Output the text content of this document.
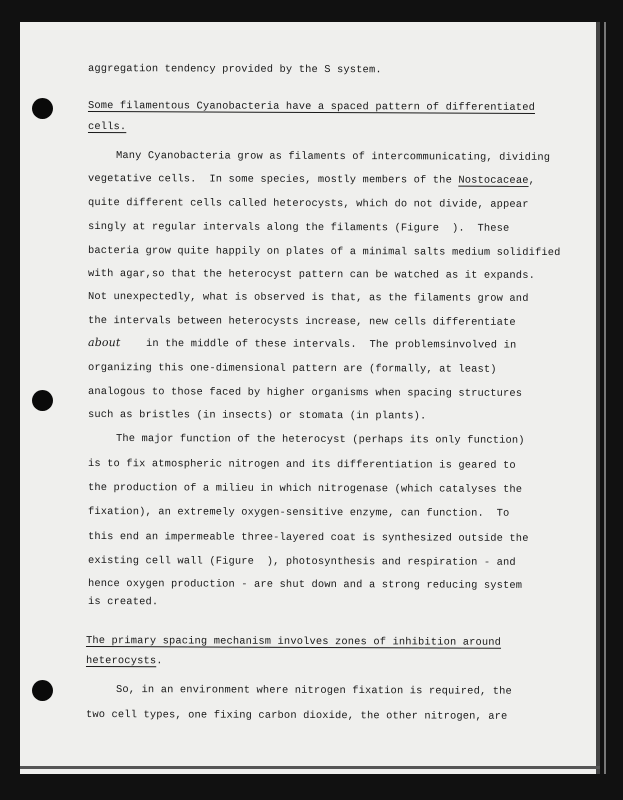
aggregation tendency provided by the S system.
Some filamentous Cyanobacteria have a spaced pattern of differentiated
cells.
Many Cyanobacteria grow as filaments of intercommunicating, dividing
vegetative cells.  In some species, mostly members of the Nostocaceae,
quite different cells called heterocysts, which do not divide, appear
singly at regular intervals along the filaments (Figure  ).  These
bacteria grow quite happily on plates of a minimal salts medium solidified
with agar,so that the heterocyst pattern can be watched as it expands.
Not unexpectedly, what is observed is that, as the filaments grow and
the intervals between heterocysts increase, new cells differentiate
about in the middle of these intervals.  The problemsinvolved in
organizing this one-dimensional pattern are (formally, at least)
analogous to those faced by higher organisms when spacing structures
such as bristles (in insects) or stomata (in plants).
The major function of the heterocyst (perhaps its only function)
is to fix atmospheric nitrogen and its differentiation is geared to
the production of a milieu in which nitrogenase (which catalyses the
fixation), an extremely oxygen-sensitive enzyme, can function.  To
this end an impermeable three-layered coat is synthesized outside the
existing cell wall (Figure  ), photosynthesis and respiration - and
hence oxygen production - are shut down and a strong reducing system
is created.
The primary spacing mechanism involves zones of inhibition around
heterocysts.
So, in an environment where nitrogen fixation is required, the
two cell types, one fixing carbon dioxide, the other nitrogen, are
